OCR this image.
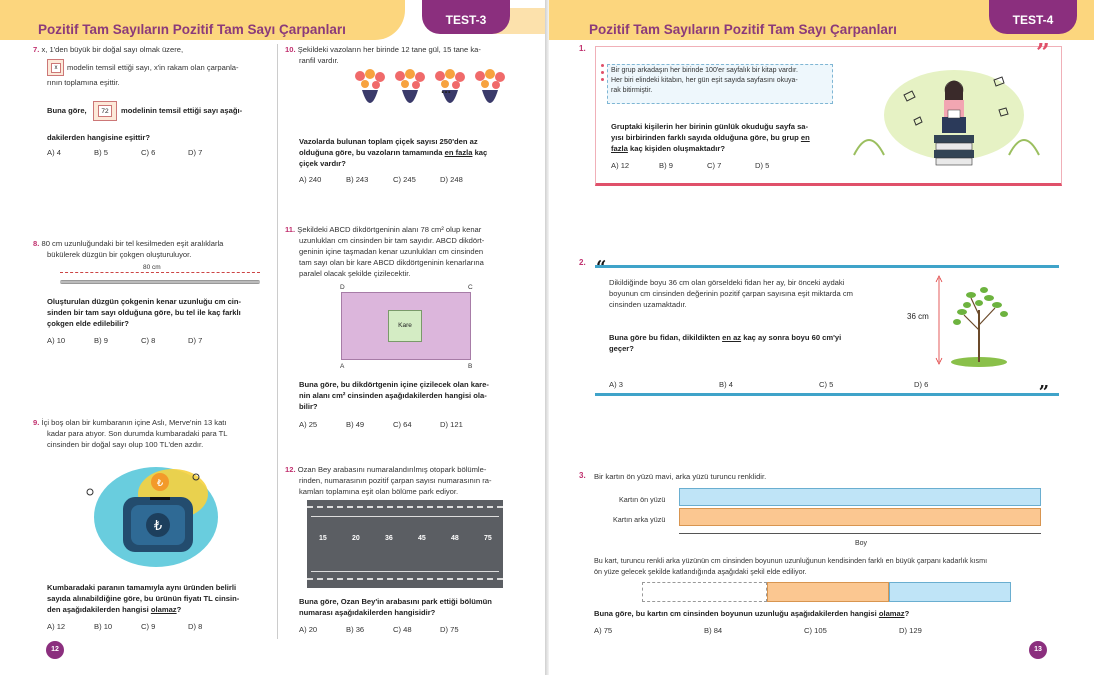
Pozitif Tam Sayıların Pozitif Tam Sayı Çarpanları
TEST-3
7. x, 1'den büyük bir doğal sayı olmak üzere,
x	modelin temsil ettiği sayı, x'in rakam olan çarpanla-
rının toplamına eşittir.
Buna göre,	72	modelinin temsil ettiği sayı aşağı-
dakilerden hangisine eşittir?
A) 4	B) 5	C) 6	D) 7
8. 80 cm uzunluğundaki bir tel kesilmeden eşit aralıklarla
bükülerek düzgün bir çokgen oluşturuluyor.
80 cm
Oluşturulan düzgün çokgenin kenar uzunluğu cm cin-
sinden bir tam sayı olduğuna göre, bu tel ile kaç farklı
çokgen elde edilebilir?
A) 10	B) 9	C) 8	D) 7
9. İçi boş olan bir kumbaranın içine Aslı, Merve'nin 13 katı
kadar para atıyor. Son durumda kumbaradaki para TL
cinsinden bir doğal sayı olup 100 TL'den azdır.
₺
₺
Kumbaradaki paranın tamamıyla aynı üründen belirli
sayıda alınabildiğine göre, bu ürünün fiyatı TL cinsin-
den aşağıdakilerden hangisi olamaz?
A) 12	B) 10	C) 9	D) 8
10. Şekildeki vazoların her birinde 12 tane gül, 15 tane ka-
ranfil vardır.
...
Vazolarda bulunan toplam çiçek sayısı 250'den az
olduğuna göre, bu vazoların tamamında en fazla kaç
çiçek vardır?
A) 240	B) 243	C) 245	D) 248
11. Şekildeki ABCD dikdörtgeninin alanı 78 cm² olup kenar
uzunlukları cm cinsinden bir tam sayıdır. ABCD dikdört-
geninin içine taşmadan kenar uzunlukları cm cinsinden
tam sayı olan bir kare ABCD dikdörtgeninin kenarlarına
paralel olacak şekilde çizilecektir.
D	C
Kare
A	B
Buna göre, bu dikdörtgenin içine çizilecek olan kare-
nin alanı cm² cinsinden aşağıdakilerden hangisi ola-
bilir?
A) 25	B) 49	C) 64	D) 121
12. Ozan Bey arabasını numaralandırılmış otopark bölümle-
rinden, numarasının pozitif çarpan sayısı numarasının ra-
kamları toplamına eşit olan bölüme park ediyor.
15	20	36	45	48	75
Buna göre, Ozan Bey'in arabasını park ettiği bölümün
numarası aşağıdakilerden hangisidir?
A) 20	B) 36	C) 48	D) 75
12
Pozitif Tam Sayıların Pozitif Tam Sayı Çarpanları
TEST-4
1.	”
Bir grup arkadaşın her birinde 100'er sayfalık bir kitap vardır.
Her biri elindeki kitabın, her gün eşit sayıda sayfasını okuya-
rak bitirmiştir.
Gruptaki kişilerin her birinin günlük okuduğu sayfa sa-
yısı birbirinden farklı sayıda olduğuna göre, bu grup en
fazla kaç kişiden oluşmaktadır?
A) 12	B) 9	C) 7	D) 5
2. “
Dikildiğinde boyu 36 cm olan görseldeki fidan her ay, bir önceki aydaki
boyunun cm cinsinden değerinin pozitif çarpan sayısına eşit miktarda cm
cinsinden uzamaktadır.
36 cm
Buna göre bu fidan, dikildikten en az kaç ay sonra boyu 60 cm'yi
geçer?
A) 3	B) 4	C) 5	D) 6	„
3. Bir kartın ön yüzü mavi, arka yüzü turuncu renklidir.
Kartın ön yüzü
Kartın arka yüzü
Boy
Bu kart, turuncu renkli arka yüzünün cm cinsinden boyunun uzunluğunun kendisinden farklı en büyük çarpanı kadarlık kısmı
ön yüze gelecek şekilde katlandığında aşağıdaki şekil elde ediliyor.
Buna göre, bu kartın cm cinsinden boyunun uzunluğu aşağıdakilerden hangisi olamaz?
A) 75	B) 84	C) 105	D) 129
13
